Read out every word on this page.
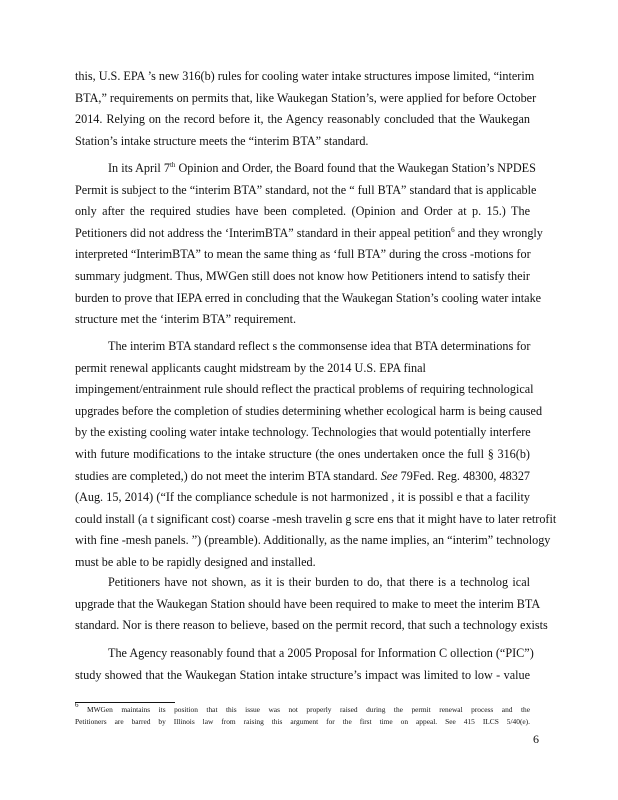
this, U.S. EPA ’s new 316(b) rules for cooling water intake structures impose limited, “interim
BTA,” requirements on permits that, like Waukegan Station’s, were applied for before October
2014. Relying on the record before it, the Agency reasonably concluded that the Waukegan
Station’s intake structure meets the “interim BTA” standard.
In its April 7th Opinion and Order, the Board found that the Waukegan Station’s NPDES
Permit is subject to the “interim BTA” standard, not the “ full BTA” standard that is applicable
only after the required studies have been completed. (Opinion and Order at p. 15.) The
Petitioners did not address the ‘InterimBTA” standard in their appeal petition$^6$ and they wrongly
interpreted “InterimBTA” to mean the same thing as ‘full BTA” during the cross -motions for
summary judgment. Thus, MWGen still does not know how Petitioners intend to satisfy their
burden to prove that IEPA erred in concluding that the Waukegan Station’s cooling water intake
structure met the ‘interim BTA” requirement.
The interim BTA standard reflect s the commonsense idea that BTA determinations for
permit renewal applicants caught midstream by the 2014 U.S. EPA final
impingement/entrainment rule should reflect the practical problems of requiring technological
upgrades before the completion of studies determining whether ecological harm is being caused
by the existing cooling water intake technology. Technologies that would potentially interfere
with future modifications to the intake structure (the ones undertaken once the full § 316(b)
studies are completed,) do not meet the interim BTA standard. See 79Fed. Reg. 48300, 48327
(Aug. 15, 2014) (“If the compliance schedule is not harmonized , it is possibl e that a facility
could install (a t significant cost) coarse -mesh travelin g scre ens that it might have to later retrofit
with fine -mesh panels. ”) (preamble). Additionally, as the name implies, an “interim” technology
must be able to be rapidly designed and installed.
Petitioners have not shown, as it is their burden to do, that there is a technolog ical
upgrade that the Waukegan Station should have been required to make to meet the interim BTA
standard. Nor is there reason to believe, based on the permit record, that such a technology exists
The Agency reasonably found that a 2005 Proposal for Information C ollection (“PIC”)
study showed that the Waukegan Station intake structure’s impact was limited to low - value
$^6$ MWGen maintains its position that this issue was not properly raised during the permit renewal process and the
Petitioners are barred by Illinois law from raising this argument for the first time on appeal. See 415 ILCS 5/40(e).
6
